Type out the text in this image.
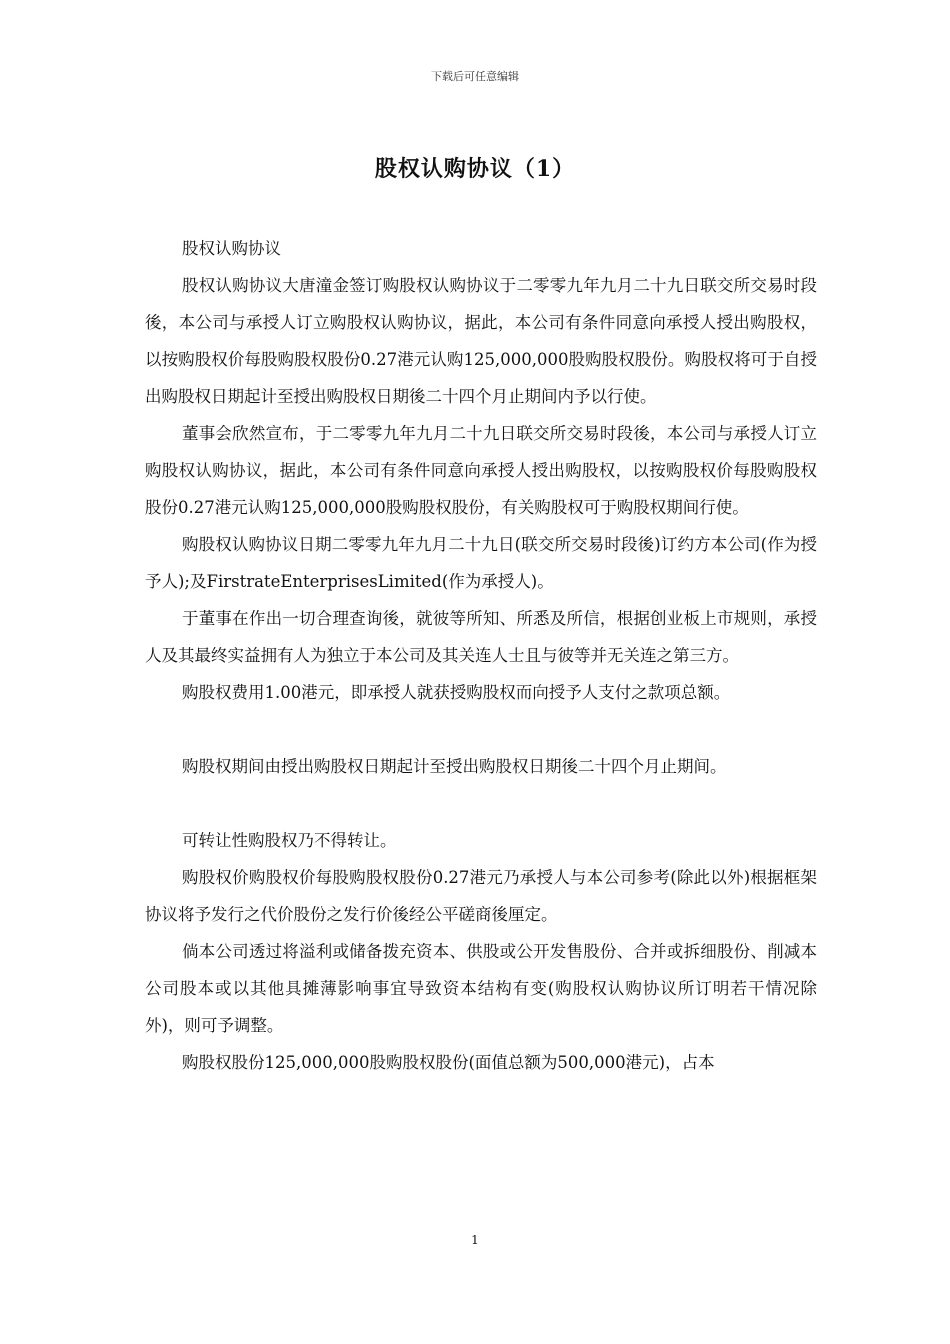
下载后可任意编辑
股权认购协议（1）

股权认购协议

股权认购协议大唐潼金签订购股权认购协议于二零零九年九月二十九日联交所交易时段後，本公司与承授人订立购股权认购协议，据此，本公司有条件同意向承授人授出购股权，以按购股权价每股购股权股份0.27港元认购125,000,000股购股权股份。购股权将可于自授出购股权日期起计至授出购股权日期後二十四个月止期间内予以行使。

董事会欣然宣布，于二零零九年九月二十九日联交所交易时段後，本公司与承授人订立购股权认购协议，据此，本公司有条件同意向承授人授出购股权，以按购股权价每股购股权股份0.27港元认购125,000,000股购股权股份，有关购股权可于购股权期间行使。

购股权认购协议日期二零零九年九月二十九日(联交所交易时段後)订约方本公司(作为授予人);及FirstrateEnterprisesLimited(作为承授人)。

于董事在作出一切合理查询後，就彼等所知、所悉及所信，根据创业板上市规则，承授人及其最终实益拥有人为独立于本公司及其关连人士且与彼等并无关连之第三方。

购股权费用1.00港元，即承授人就获授购股权而向授予人支付之款项总额。

购股权期间由授出购股权日期起计至授出购股权日期後二十四个月止期间。

可转让性购股权乃不得转让。

购股权价购股权价每股购股权股份0.27港元乃承授人与本公司参考(除此以外)根据框架协议将予发行之代价股份之发行价後经公平磋商後厘定。

倘本公司透过将溢利或储备拨充资本、供股或公开发售股份、合并或拆细股份、削减本公司股本或以其他具摊薄影响事宜导致资本结构有变(购股权认购协议所订明若干情况除外)，则可予调整。

购股权股份125,000,000股购股权股份(面值总额为500,000港元)，占本

1
